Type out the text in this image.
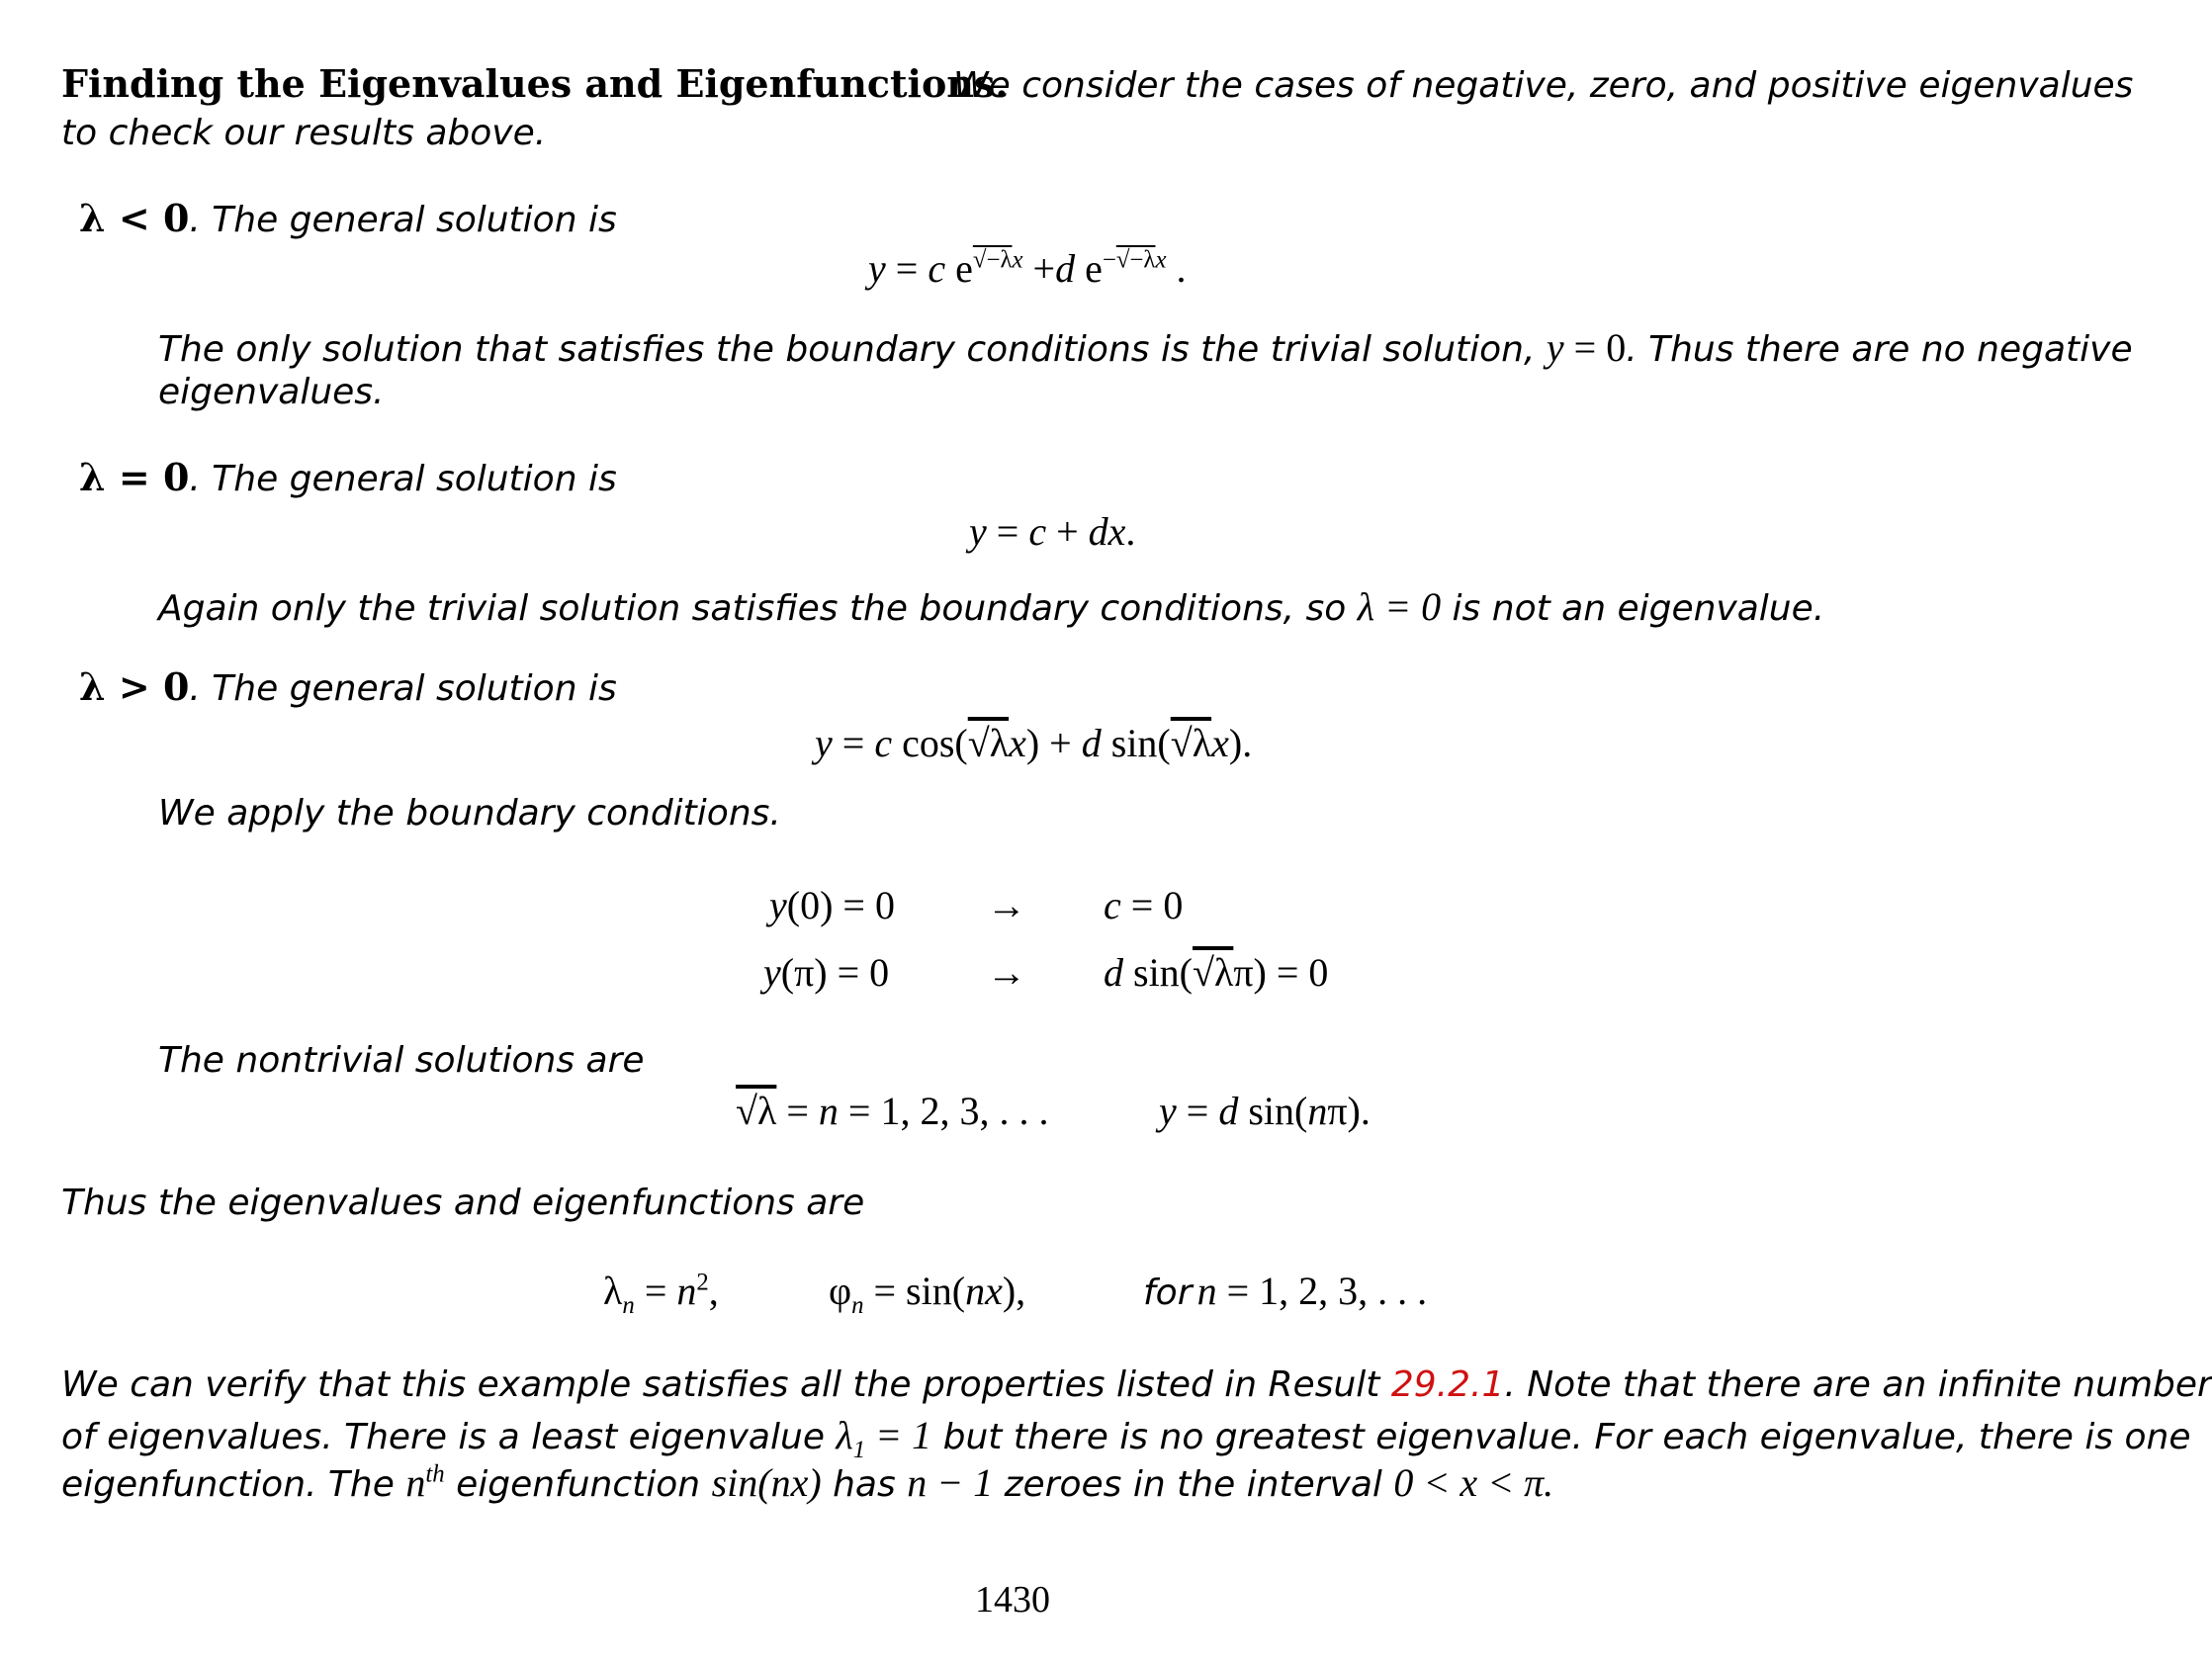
Finding the Eigenvalues and Eigenfunctions.
We consider the cases of negative, zero, and positive eigenvalues
to check our results above.
λ < 0. The general solution is
y = c $e^{√-\lambda x} +d$ $e^{-√-\lambda x}$ .
The only solution that satisfies the boundary conditions is the trivial solution, y = 0. Thus there are no negative
eigenvalues.
λ = 0. The general solution is
y = c + dx.
Again only the trivial solution satisfies the boundary conditions, so λ = 0 is not an eigenvalue.
λ > 0. The general solution is
y = c cos(√λx) + d sin(√λx).
We apply the boundary conditions.
y(0) = 0 → c = 0
y(π) = 0 → d sin(√λπ) = 0
The nontrivial solutions are
√λ = n = 1, 2, 3, . . .	y = d sin(nπ).
Thus the eigenvalues and eigenfunctions are
$\lambda_n = n^2$,	$\varphi_n = \sin(nx)$,	for n = 1, 2, 3, . . .
We can verify that this example satisfies all the properties listed in Result 29.2.1. Note that there are an infinite number
of eigenvalues. There is a least eigenvalue $\lambda_1 = 1$ but there is no greatest eigenvalue. For each eigenvalue, there is one
eigenfunction. The $n^{th}$ eigenfunction sin(nx) has n − 1 zeroes in the interval 0 < x < π.
1430
